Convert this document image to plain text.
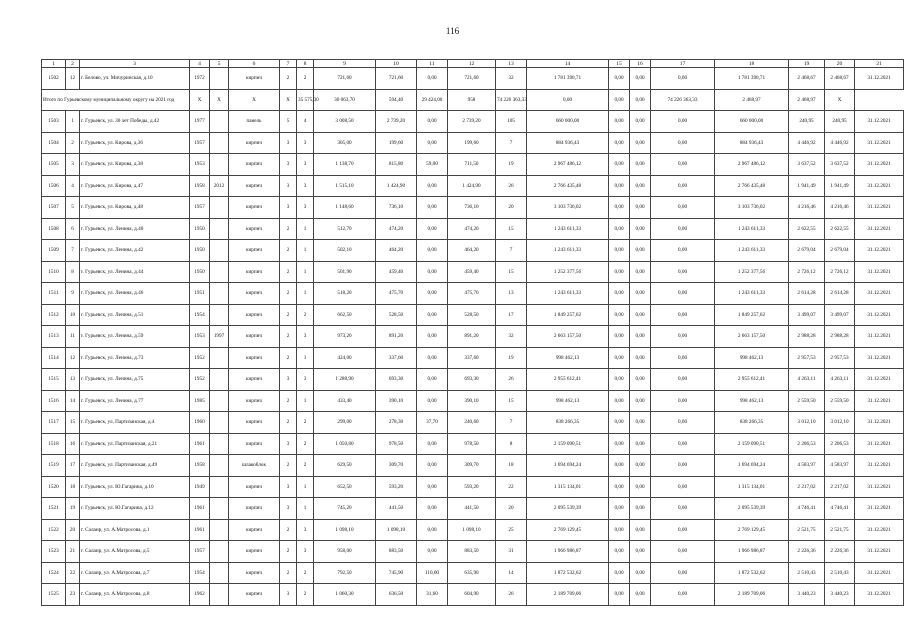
116
1	2	3	4	5	6	7	8	9	10	11	12	13	14	15	16	17	18	19	20	21
1502	12	г. Белово, ул. Мичуринская, д.10	1972		кирпич	2	2	721,60	721,60	0,00	721,60	32	1 781 390,71	0,00	0,00	0,00	1 781 390,71	2 468,67	2 468,67	31.12.2021
Итого по Гурьевскому муниципальному округу на 2021 год			X	X	X	X	35 575,30	30 063,70	594,40	29 424,00	958	74 226 363,33	0,00	0,00	0,00	74 226 363,33	2 468,97	2 468,97	X	
1503	1	г. Гурьевск, ул. 30 лет Победы, д.42	1977		панель	5	4	3 008,50	2 739,20	0,00	2 739,20	105	660 000,00	0,00	0,00	0,00	660 000,00	240,95	240,95	31.12.2021
1504	2	г. Гурьевск, ул. Кирова, д.36	1957		кирпич	3	3	305,00	199,60	0,00	199,60	7	884 936,43	0,00	0,00	0,00	884 936,43	4 446,92	4 446,92	31.12.2021
1505	3	г. Гурьевск, ул. Кирова, д.38	1953		кирпич	3	3	1 138,70	815,80	59,00	711,50	19	2 967 486,12	0,00	0,00	0,00	2 967 486,12	3 637,52	3 637,52	31.12.2021
1506	4	г. Гурьевск, ул. Кирова, д.47	1958	2012	кирпич	3	3	1 515,10	1 424,90	0,00	1 424,90	26	2 766 435,48	0,00	0,00	0,00	2 766 435,48	1 941,49	1 941,49	31.12.2021
1507	5	г. Гурьевск, ул. Кирова, д.48	1957		кирпич	3	3	1 148,60	736,10	0,00	736,10	20	3 103 736,02	0,00	0,00	0,00	3 103 736,02	4 216,46	4 216,46	31.12.2021
1508	6	г. Гурьевск, ул. Ленина, д.40	1950		кирпич	2	1	512,70	474,20	0,00	474,20	15	1 243 611,33	0,00	0,00	0,00	1 243 611,33	2 622,55	2 622,55	31.12.2021
1509	7	г. Гурьевск, ул. Ленина, д.42	1950		кирпич	2	1	502,10	464,20	0,00	464,20	7	1 243 611,33	0,00	0,00	0,00	1 243 611,33	2 679,04	2 679,04	31.12.2021
1510	8	г. Гурьевск, ул. Ленина, д.44	1950		кирпич	2	1	501,90	459,40	0,00	459,40	15	1 252 377,56	0,00	0,00	0,00	1 252 377,56	2 726,12	2 726,12	31.12.2021
1511	9	г. Гурьевск, ул. Ленина, д.46	1951		кирпич	2	1	518,20	475,70	0,00	475,70	13	1 243 611,33	0,00	0,00	0,00	1 243 611,33	2 614,28	2 614,28	31.12.2021
1512	10	г. Гурьевск, ул. Ленина, д.51	1954		кирпич	2	2	662,50	528,50	0,00	528,50	17	1 849 257,62	0,00	0,00	0,00	1 849 257,62	3 499,07	3 499,07	31.12.2021
1513	11	г. Гурьевск, ул. Ленина, д.59	1953	1997	кирпич	2	3	973,20	891,20	0,00	891,20	32	2 663 157,50	0,00	0,00	0,00	2 663 157,50	2 988,28	2 988,28	31.12.2021
1514	12	г. Гурьевск, ул. Ленина, д.73	1952		кирпич	2	1	424,00	337,60	0,00	337,60	19	998 462,13	0,00	0,00	0,00	998 462,13	2 957,53	2 957,53	31.12.2021
1515	13	г. Гурьевск, ул. Ленина, д.75	1952		кирпич	3	3	1 288,90	693,30	0,00	693,30	26	2 955 612,41	0,00	0,00	0,00	2 955 612,41	4 263,11	4 263,11	31.12.2021
1516	14	г. Гурьевск, ул. Ленина, д.77	1985		кирпич	2	1	433,40	390,10	0,00	390,10	15	998 462,13	0,00	0,00	0,00	998 462,13	2 559,50	2 559,50	31.12.2021
1517	15	г. Гурьевск, ул. Партизанская, д.4	1960		кирпич	2	2	299,00	278,30	37,70	240,60	7	838 266,35	0,00	0,00	0,00	838 266,35	3 012,10	3 012,10	31.12.2021
1518	16	г. Гурьевск, ул. Партизанская, д.21	1961		кирпич	3	2	1 050,80	978,50	0,00	978,50	8	2 159 090,51	0,00	0,00	0,00	2 159 090,51	2 206,53	2 206,53	31.12.2021
1519	17	г. Гурьевск, ул. Партизанская, д.49	1958		шлакоблок	2	2	629,50	309,70	0,00	309,70	18	1 694 694,24	0,00	0,00	0,00	1 694 694,24	4 583,97	4 583,97	31.12.2021
1520	18	г. Гурьевск, ул. Ю.Гагарина, д.10	1949		кирпич	3	1	652,50	593,20	0,00	593,20	22	1 315 134,01	0,00	0,00	0,00	1 315 134,01	2 217,02	2 217,02	31.12.2021
1521	19	г. Гурьевск, ул. Ю.Гагарина, д.12	1961		кирпич	3	1	745,20	441,50	0,00	441,50	20	2 095 539,39	0,00	0,00	0,00	2 095 539,39	4 746,41	4 746,41	31.12.2021
1522	20	г. Салаир, ул. А.Матросова, д.1	1961		кирпич	2	3	1 098,10	1 098,10	0,00	1 098,10	25	2 769 129,45	0,00	0,00	0,00	2 769 129,45	2 521,75	2 521,75	31.12.2021
1523	21	г. Салаир, ул. А.Матросова, д.5	1957		кирпич	2	3	958,00	883,50	0,00	883,50	31	1 966 986,87	0,00	0,00	0,00	1 966 986,87	2 226,36	2 226,36	31.12.2021
1524	22	г. Салаир, ул. А.Матросова, д.7	1954		кирпич	2	2	792,50	745,90	110,00	635,90	14	1 872 532,62	0,00	0,00	0,00	1 872 532,62	2 510,43	2 510,43	31.12.2021
1525	23	г. Салаир, ул. А.Матросова, д.8	1962		кирпич	3	2	1 060,30	636,50	31,60	604,90	26	2 189 709,06	0,00	0,00	0,00	2 189 709,06	3 440,23	3 440,23	31.12.2021
